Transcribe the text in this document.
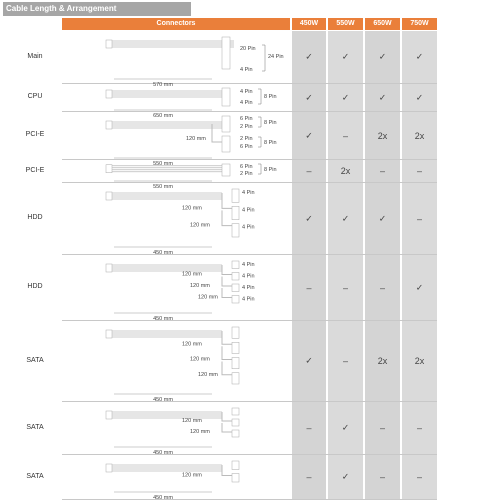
Cable Length & Arrangement
Connectors	450W	550W	650W	750W
Main	✓	✓	✓	✓
20 Pin
4 Pin
24 Pin
570 mm
CPU	✓	✓	✓	✓
4 Pin
4 Pin
8 Pin
650 mm
PCI-E	✓	–	2x	2x
6 Pin
2 Pin
2 Pin
6 Pin
8 Pin
8 Pin
120 mm
550 mm
PCI-E	–	2x	–	–
6 Pin
2 Pin
8 Pin
550 mm
HDD	✓	✓	✓	–
4 Pin
4 Pin
4 Pin
120 mm
120 mm
450 mm
HDD	–	–	–	✓
4 Pin
4 Pin
4 Pin
4 Pin
120 mm
120 mm
120 mm
450 mm
SATA	✓	–	2x	2x
120 mm
120 mm
120 mm
450 mm
SATA	–	✓	–	–
120 mm
120 mm
450 mm
SATA	–	✓	–	–
120 mm
450 mm
